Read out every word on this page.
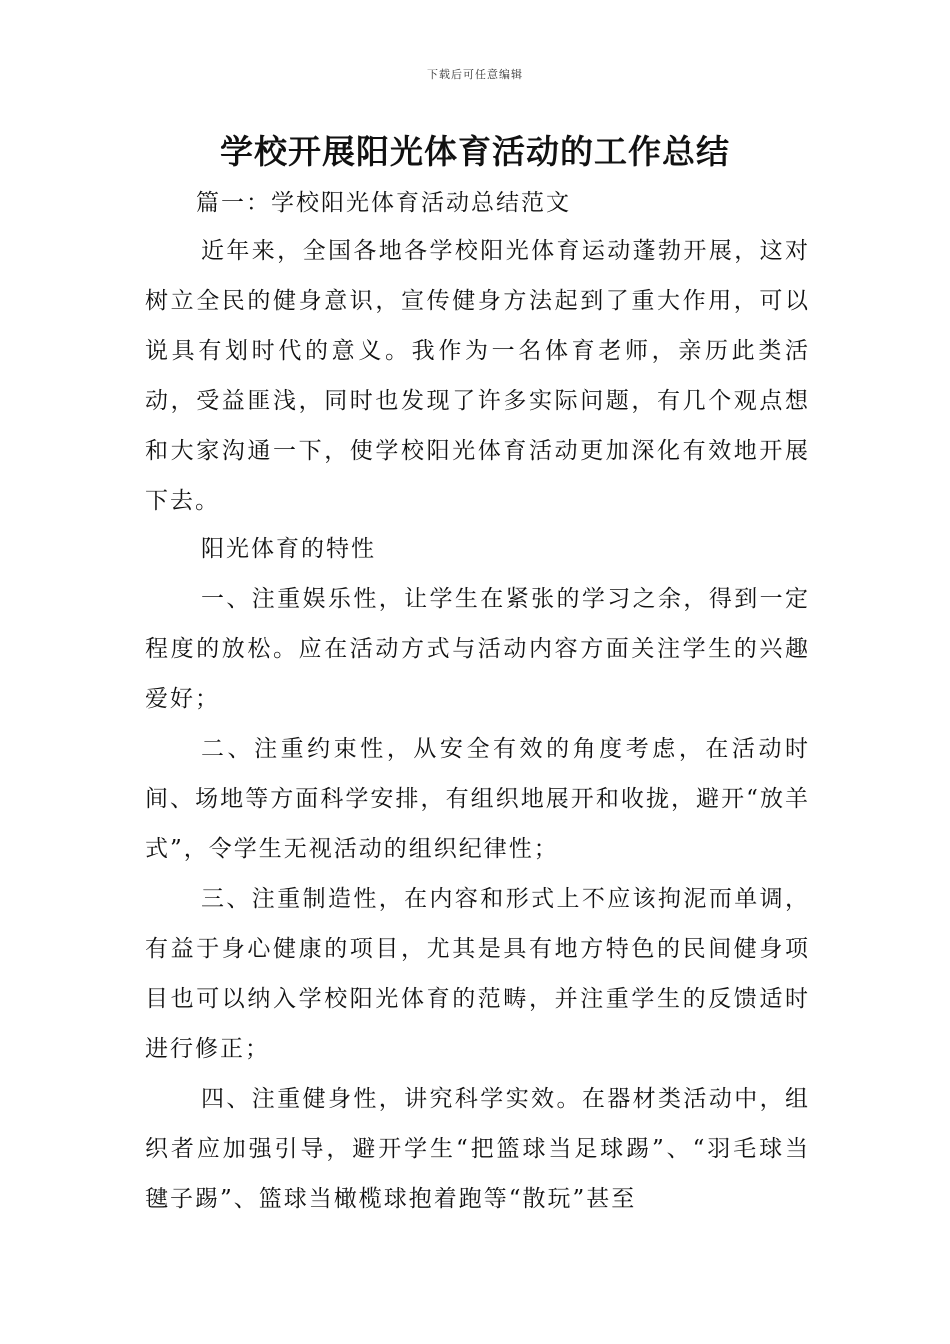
下载后可任意编辑
学校开展阳光体育活动的工作总结
篇一：学校阳光体育活动总结范文

近年来，全国各地各学校阳光体育运动蓬勃开展，这对树立全民的健身意识，宣传健身方法起到了重大作用，可以说具有划时代的意义。我作为一名体育老师，亲历此类活动，受益匪浅，同时也发现了许多实际问题，有几个观点想和大家沟通一下，使学校阳光体育活动更加深化有效地开展下去。

阳光体育的特性

一、注重娱乐性，让学生在紧张的学习之余，得到一定程度的放松。应在活动方式与活动内容方面关注学生的兴趣爱好；

二、注重约束性，从安全有效的角度考虑，在活动时间、场地等方面科学安排，有组织地展开和收拢，避开“放羊式”，令学生无视活动的组织纪律性；

三、注重制造性，在内容和形式上不应该拘泥而单调，有益于身心健康的项目，尤其是具有地方特色的民间健身项目也可以纳入学校阳光体育的范畴，并注重学生的反馈适时进行修正；

四、注重健身性，讲究科学实效。在器材类活动中，组织者应加强引导，避开学生“把篮球当足球踢”、“羽毛球当毽子踢”、篮球当橄榄球抱着跑等“散玩”甚至
